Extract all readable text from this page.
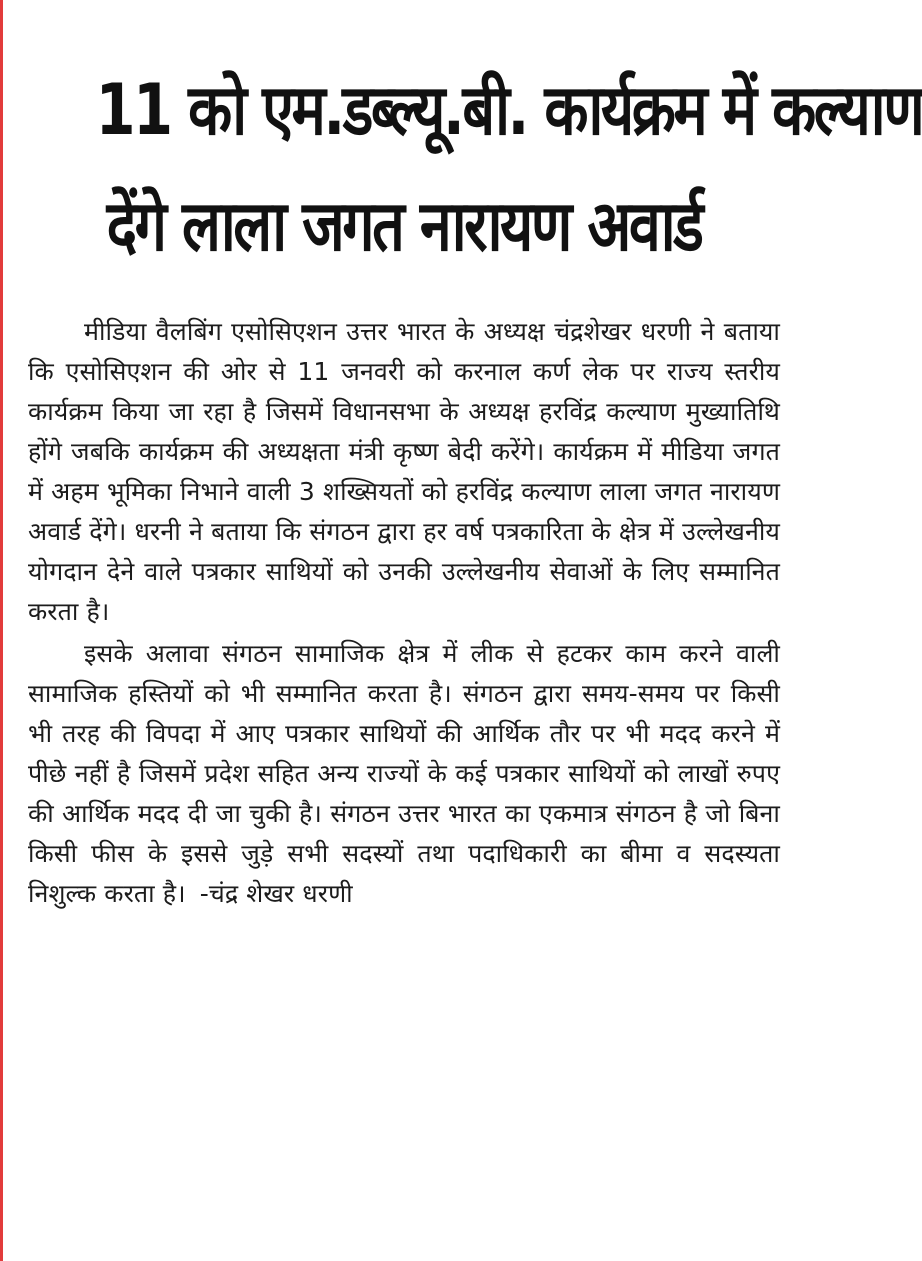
11 को एम.डब्ल्यू.बी. कार्यक्रम में कल्याण
देंगे लाला जगत नारायण अवार्ड

मीडिया वैलबिंग एसोसिएशन उत्तर भारत के अध्यक्ष चंद्रशेखर धरणी ने बताया कि एसोसिएशन की ओर से 11 जनवरी को करनाल कर्ण लेक पर राज्य स्तरीय कार्यक्रम किया जा रहा है जिसमें विधानसभा के अध्यक्ष हरविंद्र कल्याण मुख्यातिथि होंगे जबकि कार्यक्रम की अध्यक्षता मंत्री कृष्ण बेदी करेंगे। कार्यक्रम में मीडिया जगत में अहम भूमिका निभाने वाली 3 शख्सियतों को हरविंद्र कल्याण लाला जगत नारायण अवार्ड देंगे। धरनी ने बताया कि संगठन द्वारा हर वर्ष पत्रकारिता के क्षेत्र में उल्लेखनीय योगदान देने वाले पत्रकार साथियों को उनकी उल्लेखनीय सेवाओं के लिए सम्मानित करता है।

इसके अलावा संगठन सामाजिक क्षेत्र में लीक से हटकर काम करने वाली सामाजिक हस्तियों को भी सम्मानित करता है। संगठन द्वारा समय-समय पर किसी भी तरह की विपदा में आए पत्रकार साथियों की आर्थिक तौर पर भी मदद करने में पीछे नहीं है जिसमें प्रदेश सहित अन्य राज्यों के कई पत्रकार साथियों को लाखों रुपए की आर्थिक मदद दी जा चुकी है। संगठन उत्तर भारत का एकमात्र संगठन है जो बिना किसी फीस के इससे जुड़े सभी सदस्यों तथा पदाधिकारी का बीमा व सदस्यता निशुल्क करता है। -चंद्र शेखर धरणी
